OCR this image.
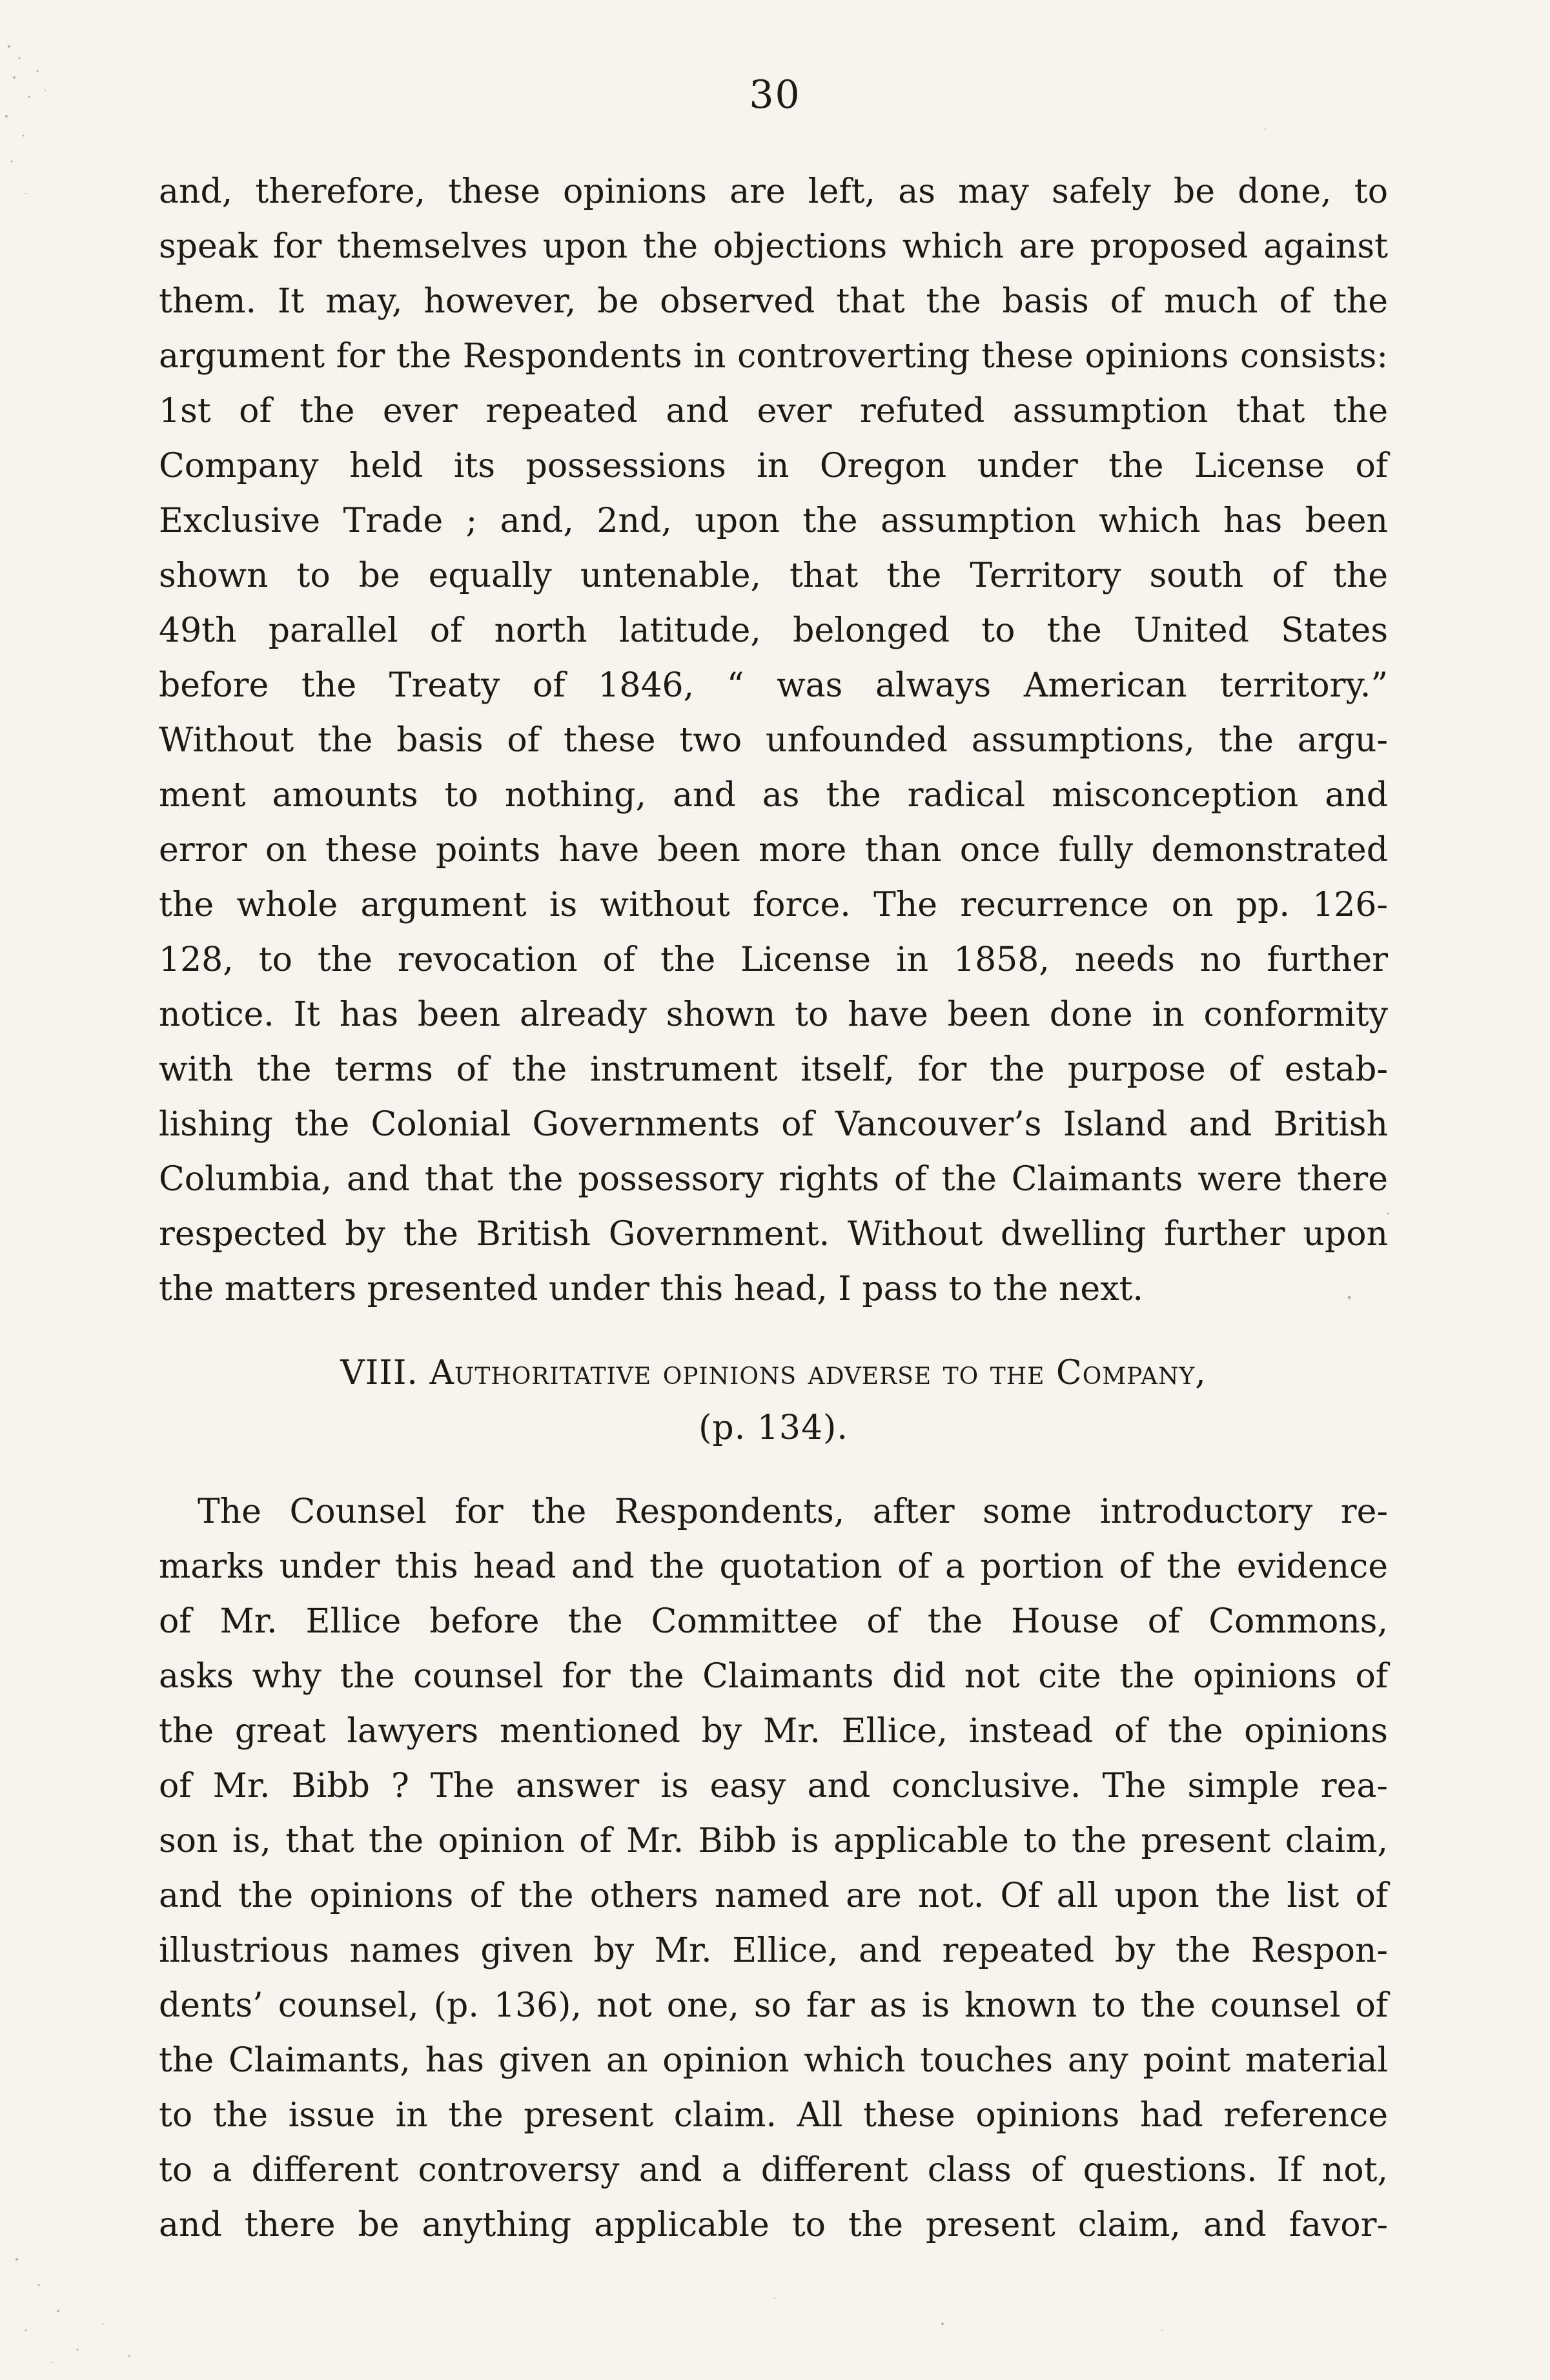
30
and, therefore, these opinions are left, as may safely be done, to
speak for themselves upon the objections which are proposed against
them. It may, however, be observed that the basis of much of the
argument for the Respondents in controverting these opinions consists:
1st of the ever repeated and ever refuted assumption that the
Company held its possessions in Oregon under the License of
Exclusive Trade ; and, 2nd, upon the assumption which has been
shown to be equally untenable, that the Territory south of the
49th parallel of north latitude, belonged to the United States
before the Treaty of 1846, “ was always American territory.”
Without the basis of these two unfounded assumptions, the argu-
ment amounts to nothing, and as the radical misconception and
error on these points have been more than once fully demonstrated
the whole argument is without force. The recurrence on pp. 126-
128, to the revocation of the License in 1858, needs no further
notice. It has been already shown to have been done in conformity
with the terms of the instrument itself, for the purpose of estab-
lishing the Colonial Governments of Vancouver’s Island and British
Columbia, and that the possessory rights of the Claimants were there
respected by the British Government. Without dwelling further upon
the matters presented under this head, I pass to the next.
VIII. Authoritative opinions adverse to the Company,
(p. 134).
The Counsel for the Respondents, after some introductory re-
marks under this head and the quotation of a portion of the evidence
of Mr. Ellice before the Committee of the House of Commons,
asks why the counsel for the Claimants did not cite the opinions of
the great lawyers mentioned by Mr. Ellice, instead of the opinions
of Mr. Bibb ? The answer is easy and conclusive. The simple rea-
son is, that the opinion of Mr. Bibb is applicable to the present claim,
and the opinions of the others named are not. Of all upon the list of
illustrious names given by Mr. Ellice, and repeated by the Respon-
dents’ counsel, (p. 136), not one, so far as is known to the counsel of
the Claimants, has given an opinion which touches any point material
to the issue in the present claim. All these opinions had reference
to a different controversy and a different class of questions. If not,
and there be anything applicable to the present claim, and favor-
